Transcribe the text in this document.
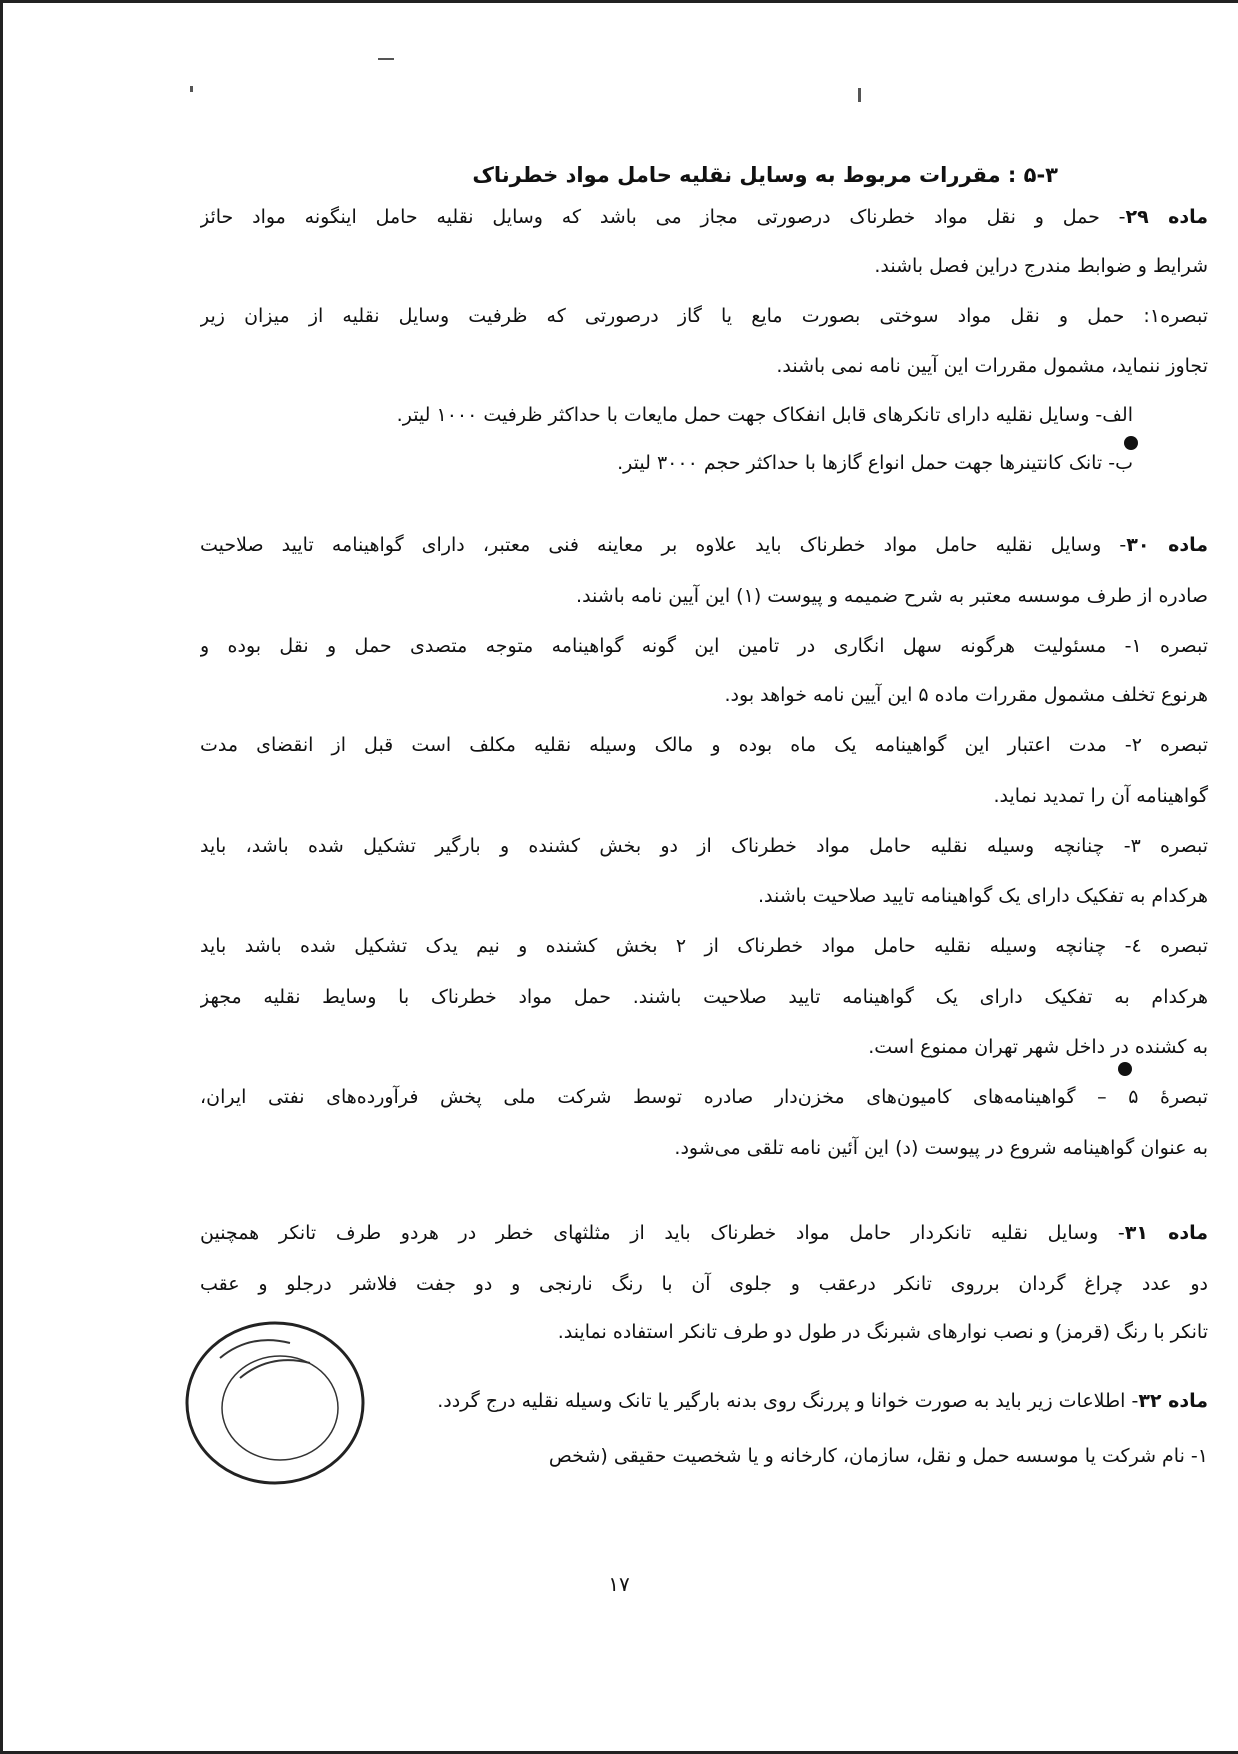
۵-۳ : مقررات مربوط به وسایل نقلیه حامل مواد خطرناک
ماده ۲۹- حمل و نقل مواد خطرناک درصورتی مجاز می باشد که وسایل نقلیه حامل اینگونه مواد حائز
شرایط و ضوابط مندرج دراین فصل باشند.
تبصره۱: حمل و نقل مواد سوختی بصورت مایع یا گاز درصورتی که ظرفیت وسایل نقلیه از میزان زیر
تجاوز ننماید، مشمول مقررات این آیین نامه نمی باشند.
الف- وسایل نقلیه دارای تانکرهای قابل انفکاک جهت حمل مایعات با حداکثر ظرفیت ۱۰۰۰ لیتر.
ب- تانک کانتینرها جهت حمل انواع گازها با حداکثر حجم ۳۰۰۰ لیتر.
ماده ۳۰- وسایل نقلیه حامل مواد خطرناک باید علاوه بر معاینه فنی معتبر، دارای گواهینامه تایید صلاحیت
صادره از طرف موسسه معتبر به شرح ضمیمه و پیوست (۱) این آیین نامه باشند.
تبصره ۱- مسئولیت هرگونه سهل انگاری در تامین این گونه گواهینامه متوجه متصدی حمل و نقل بوده و
هرنوع تخلف مشمول مقررات ماده ۵ این آیین نامه خواهد بود.
تبصره ۲- مدت اعتبار این گواهینامه یک ماه بوده و مالک وسیله نقلیه مکلف است قبل از انقضای مدت
گواهینامه آن را تمدید نماید.
تبصره ۳- چنانچه وسیله نقلیه حامل مواد خطرناک از دو بخش کشنده و بارگیر تشکیل شده باشد، باید
هرکدام به تفکیک دارای یک گواهینامه تایید صلاحیت باشند.
تبصره ٤- چنانچه وسیله نقلیه حامل مواد خطرناک از ۲ بخش کشنده و نیم یدک تشکیل شده باشد باید
هرکدام به تفکیک دارای یک گواهینامه تایید صلاحیت باشند. حمل مواد خطرناک با وسایط نقلیه مجهز
به کشنده در داخل شهر تهران ممنوع است.
تبصرهٔ ۵ – گواهینامه‌های کامیون‌های مخزن‌دار صادره توسط شرکت ملی پخش فرآورده‌های نفتی ایران،
به عنوان گواهینامه شروع در پیوست (د) این آئین نامه تلقی می‌شود.
ماده ۳۱- وسایل نقلیه تانکردار حامل مواد خطرناک باید از مثلثهای خطر در هردو طرف تانکر همچنین
دو عدد چراغ گردان برروی تانکر درعقب و جلوی آن با رنگ نارنجی و دو جفت فلاشر درجلو و عقب
تانکر با رنگ (قرمز) و نصب نوارهای شبرنگ در طول دو طرف تانکر استفاده نمایند.
ماده ۳۲- اطلاعات زیر باید به صورت خوانا و پررنگ روی بدنه بارگیر یا تانک وسیله نقلیه درج گردد.
۱- نام شرکت یا موسسه حمل و نقل، سازمان، کارخانه و یا شخصیت حقیقی (شخص
۱۷
